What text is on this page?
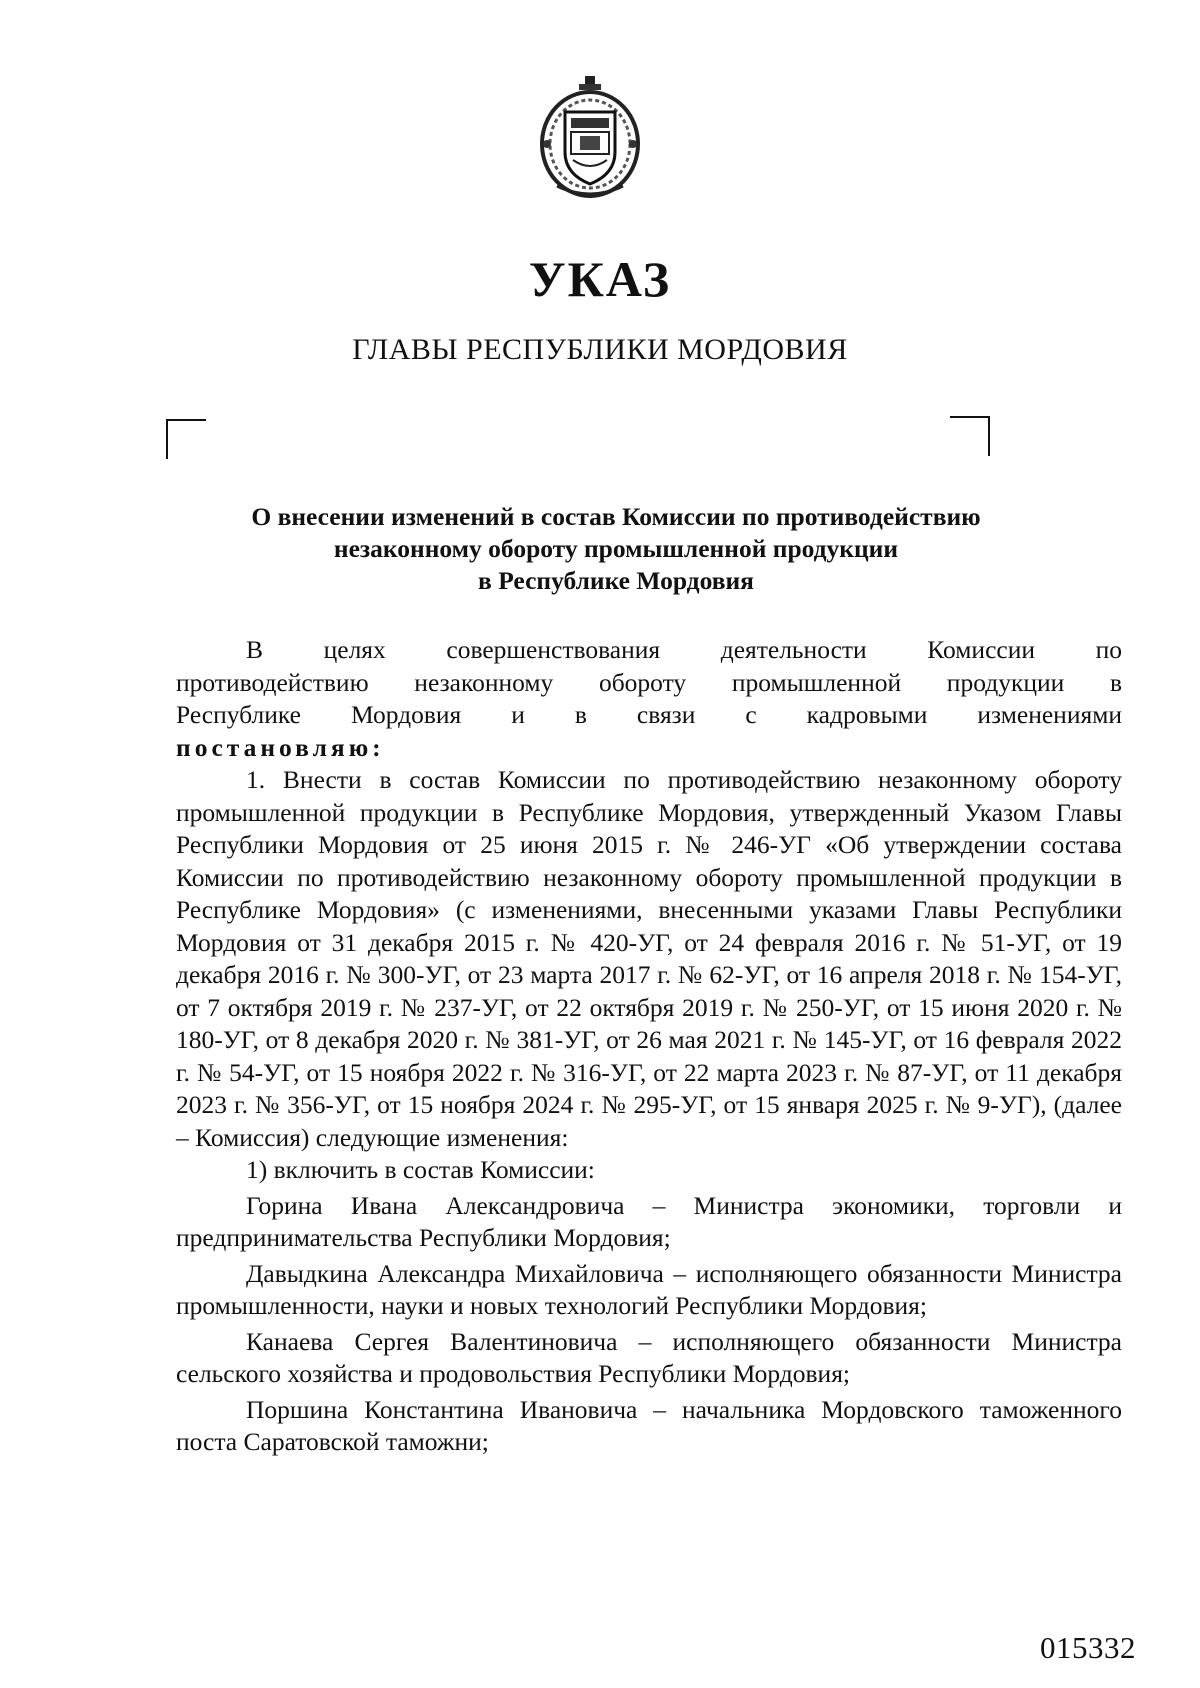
УКАЗ
ГЛАВЫ РЕСПУБЛИКИ МОРДОВИЯ
О внесении изменений в состав Комиссии по противодействию
незаконному обороту промышленной продукции
в Республике Мордовия
В целях совершенствования деятельности Комиссии по
противодействию незаконному обороту промышленной продукции в
Республике Мордовия и в связи с кадровыми изменениями
постановляю:

1. Внести в состав Комиссии по противодействию незаконному обороту промышленной продукции в Республике Мордовия, утвержденный Указом Главы Республики Мордовия от 25 июня 2015 г. № 246-УГ «Об утверждении состава Комиссии по противодействию незаконному обороту промышленной продукции в Республике Мордовия» (с изменениями, внесенными указами Главы Республики Мордовия от 31 декабря 2015 г. № 420-УГ, от 24 февраля 2016 г. № 51-УГ, от 19 декабря 2016 г. № 300-УГ, от 23 марта 2017 г. № 62-УГ, от 16 апреля 2018 г. № 154-УГ, от 7 октября 2019 г. № 237-УГ, от 22 октября 2019 г. № 250-УГ, от 15 июня 2020 г. № 180-УГ, от 8 декабря 2020 г. № 381-УГ, от 26 мая 2021 г. № 145-УГ, от 16 февраля 2022 г. № 54-УГ, от 15 ноября 2022 г. № 316-УГ, от 22 марта 2023 г. № 87-УГ, от 11 декабря 2023 г. № 356-УГ, от 15 ноября 2024 г. № 295-УГ, от 15 января 2025 г. № 9-УГ), (далее – Комиссия) следующие изменения:

1) включить в состав Комиссии:

Горина Ивана Александровича – Министра экономики, торговли и предпринимательства Республики Мордовия;

Давыдкина Александра Михайловича – исполняющего обязанности Министра промышленности, науки и новых технологий Республики Мордовия;

Канаева Сергея Валентиновича – исполняющего обязанности Министра сельского хозяйства и продовольствия Республики Мордовия;

Поршина Константина Ивановича – начальника Мордовского таможенного поста Саратовской таможни;

015332
